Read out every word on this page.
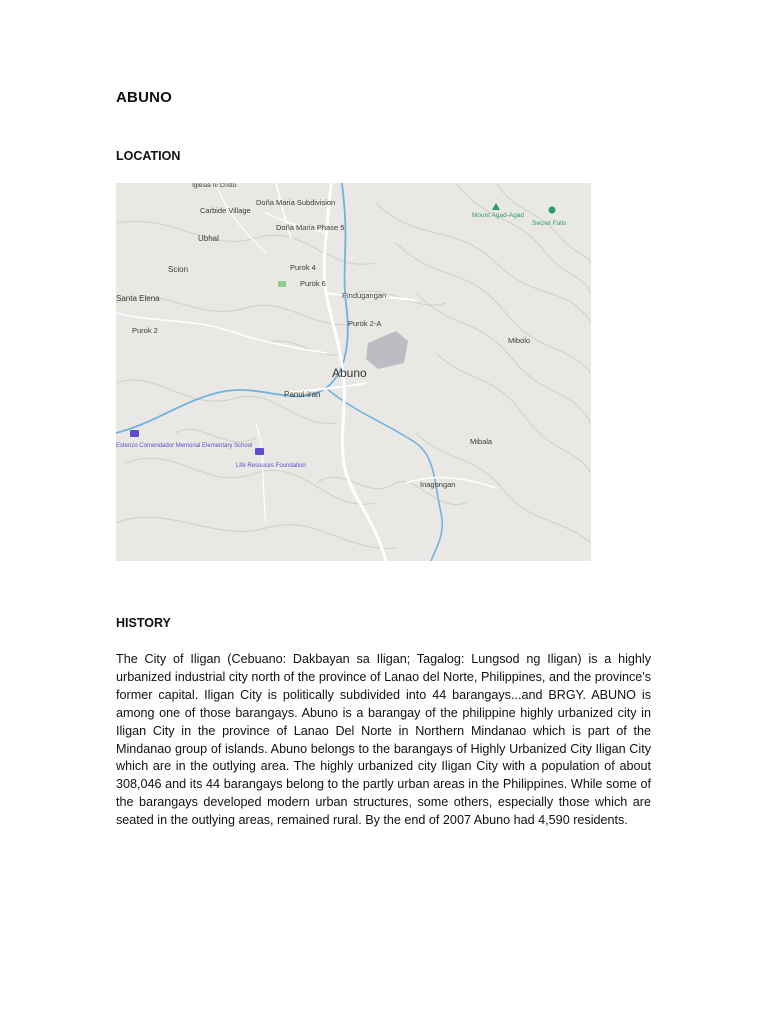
ABUNO
LOCATION
Iglesia ni Cristo
Doña Maria Subdivision
Carbide Village
Doña Maria Phase 5
Ubhal
Mount Agad-Agad
Secret Falls
Scion	Purok 4
Purok 6
Pindugangan
Santa Elena
Purok 2
Purok 2-A
Mibolo
Abuno
Panui-iran
Estenzo Comendador Memorial Elementary School
Life Resouces Foundation
Mibala
Inagongan
HISTORY

The City of Iligan (Cebuano: Dakbayan sa Iligan; Tagalog: Lungsod ng Iligan) is a highly urbanized industrial city north of the province of Lanao del Norte, Philippines, and the province's former capital. Iligan City is politically subdivided into 44 barangays...and BRGY. ABUNO is among one of those barangays. Abuno is a barangay of the philippine highly urbanized city in Iligan City in the province of Lanao Del Norte in Northern Mindanao which is part of the Mindanao group of islands. Abuno belongs to the barangays of Highly Urbanized City Iligan City which are in the outlying area. The highly urbanized city Iligan City with a population of about 308,046 and its 44 barangays belong to the partly urban areas in the Philippines. While some of the barangays developed modern urban structures, some others, especially those which are seated in the outlying areas, remained rural. By the end of 2007 Abuno had 4,590 residents.
